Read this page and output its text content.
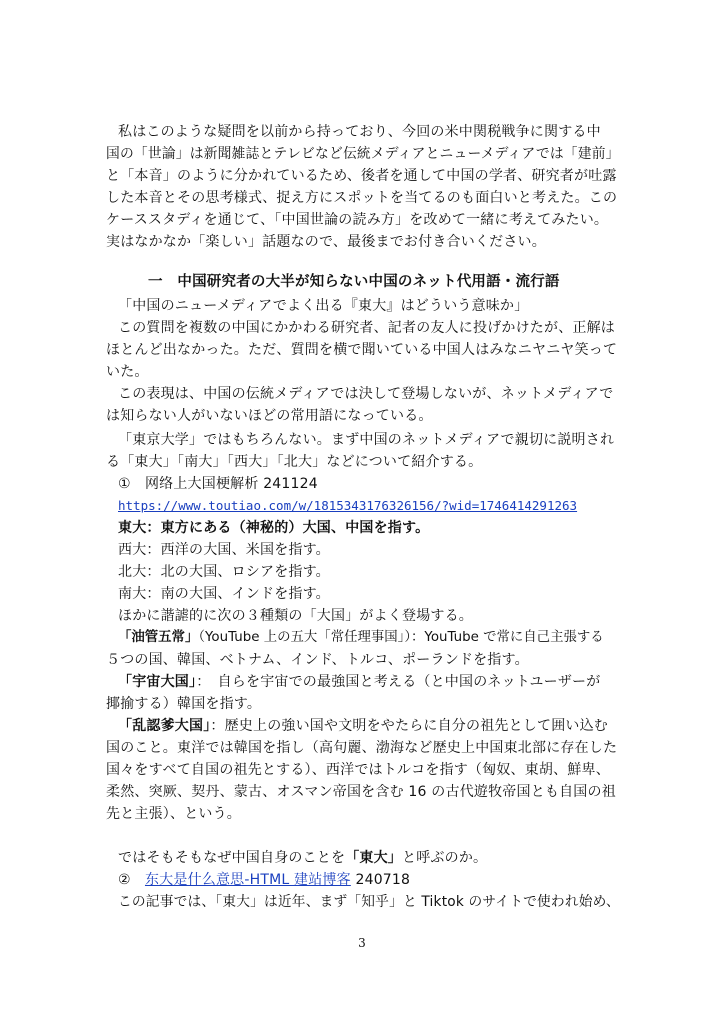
私はこのような疑問を以前から持っており、今回の米中関税戦争に関する中
国の「世論」は新聞雑誌とテレビなど伝統メディアとニューメディアでは「建前」
と「本音」のように分かれているため、後者を通して中国の学者、研究者が吐露
した本音とその思考様式、捉え方にスポットを当てるのも面白いと考えた。この
ケーススタディを通じて、「中国世論の読み方」を改めて一緒に考えてみたい。
実はなかなか「楽しい」話題なので、最後までお付き合いください。
一　中国研究者の大半が知らない中国のネット代用語・流行語
「中国のニューメディアでよく出る『東大』はどういう意味か」
この質問を複数の中国にかかわる研究者、記者の友人に投げかけたが、正解は
ほとんど出なかった。ただ、質問を横で聞いている中国人はみなニヤニヤ笑って
いた。
この表現は、中国の伝統メディアでは決して登場しないが、ネットメディアで
は知らない人がいないほどの常用語になっている。
「東京大学」ではもちろんない。まず中国のネットメディアで親切に説明され
る「東大」「南大」「西大」「北大」などについて紹介する。
①　网络上大国梗解析 241124
https://www.toutiao.com/w/1815343176326156/?wid=1746414291263
東大：東方にある（神秘的）大国、中国を指す。
西大：西洋の大国、米国を指す。
北大：北の大国、ロシアを指す。
南大：南の大国、インドを指す。
ほかに諧謔的に次の３種類の「大国」がよく登場する。
「油管五常」（YouTube 上の五大「常任理事国」）：YouTube で常に自己主張する
５つの国、韓国、ベトナム、インド、トルコ、ポーランドを指す。
「宇宙大国」：　自らを宇宙での最強国と考える（と中国のネットユーザーが
揶揄する）韓国を指す。
「乱認爹大国」：歴史上の強い国や文明をやたらに自分の祖先として囲い込む
国のこと。東洋では韓国を指し（高句麗、渤海など歴史上中国東北部に存在した
国々をすべて自国の祖先とする）、西洋ではトルコを指す（匈奴、東胡、鮮卑、
柔然、突厥、契丹、蒙古、オスマン帝国を含む 16 の古代遊牧帝国とも自国の祖
先と主張）、という。
ではそもそもなぜ中国自身のことを「東大」と呼ぶのか。
②　 东大是什么意思-HTML 建站博客 240718
この記事では、「東大」は近年、まず「知乎」と Tiktok のサイトで使われ始め、
3
